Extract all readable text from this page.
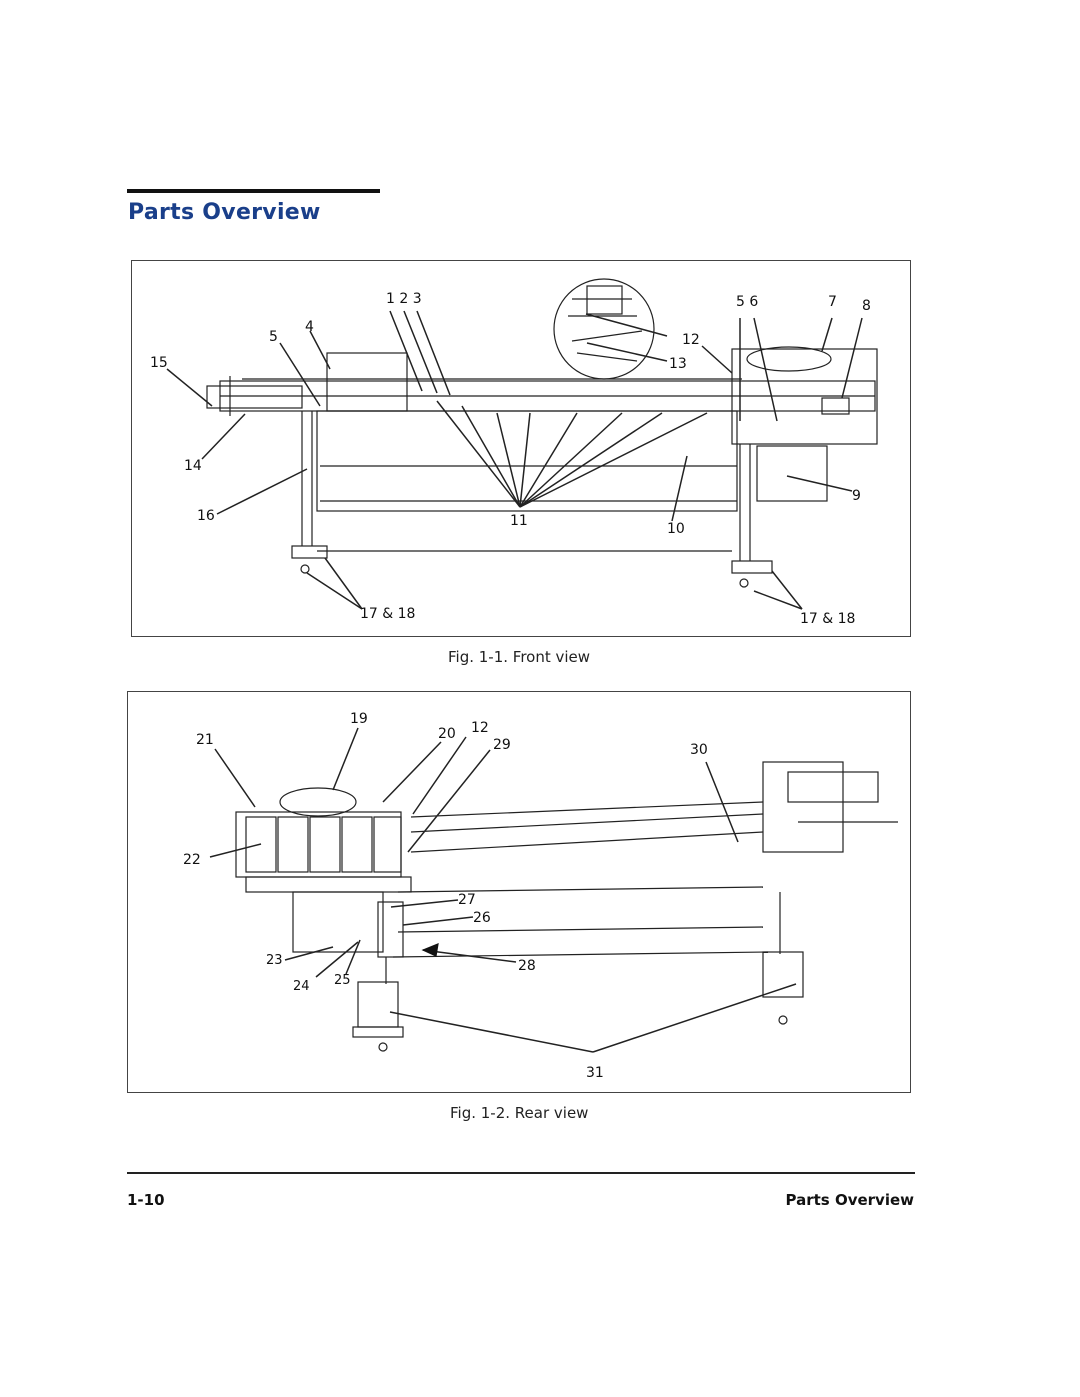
Parts Overview
1 2 3	5 6	7 8
5
4
12
13
15
14
16
9
11	10
17 & 18	17 & 18
Fig. 1-1. Front view
19
21	20 12
29	30
22
27
26
23	28
24 25
31
Fig. 1-2. Rear view
1-10	Parts Overview
